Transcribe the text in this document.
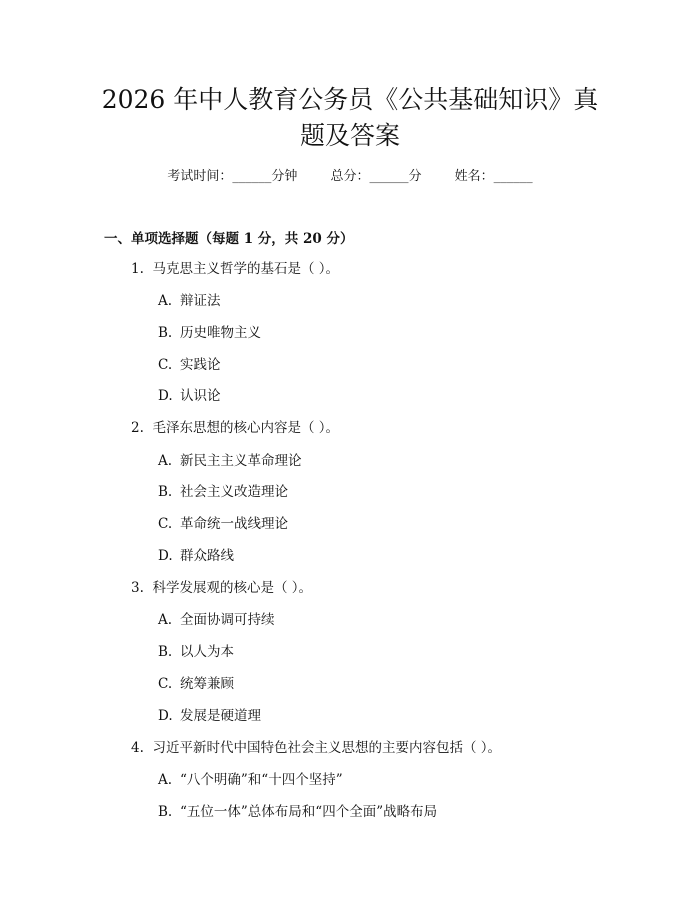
2026 年中人教育公务员《公共基础知识》真
题及答案
考试时间：______分钟	总分：______分	姓名：______
一、单项选择题（每题 1 分，共 20 分）
1. 马克思主义哲学的基石是（ ）。
A. 辩证法
B. 历史唯物主义
C. 实践论
D. 认识论
2. 毛泽东思想的核心内容是（ ）。
A. 新民主主义革命理论
B. 社会主义改造理论
C. 革命统一战线理论
D. 群众路线
3. 科学发展观的核心是（ ）。
A. 全面协调可持续
B. 以人为本
C. 统筹兼顾
D. 发展是硬道理
4. 习近平新时代中国特色社会主义思想的主要内容包括（ ）。
A. “八个明确”和“十四个坚持”
B. “五位一体”总体布局和“四个全面”战略布局
